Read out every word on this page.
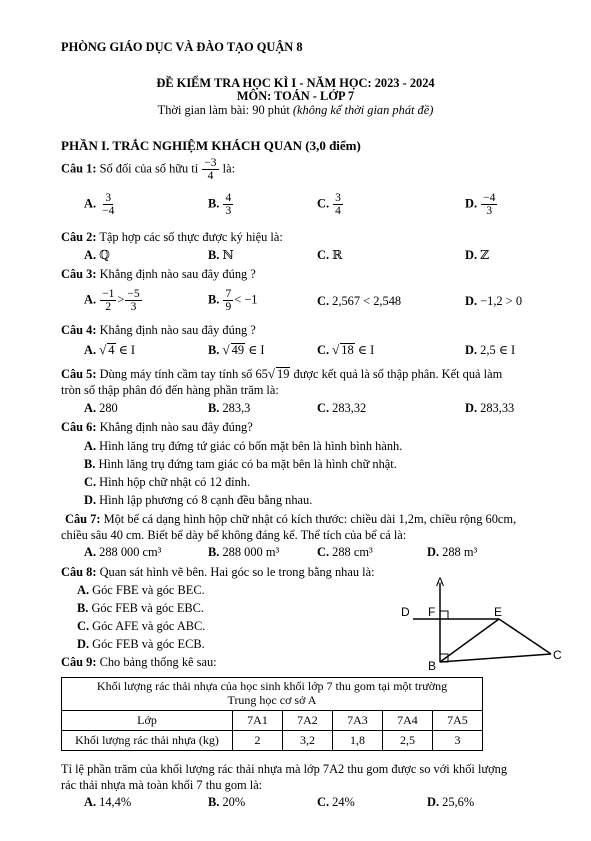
PHÒNG GIÁO DỤC VÀ ĐÀO TẠO QUẬN 8
ĐỀ KIỂM TRA HỌC KÌ I - NĂM HỌC: 2023 - 2024
MÔN: TOÁN - LỚP 7
Thời gian làm bài: 90 phút (không kể thời gian phát đề)
PHẦN I. TRẮC NGHIỆM KHÁCH QUAN (3,0 điểm)
Câu 1: Số đối của số hữu tỉ $\frac{-3}{4}$ là:
A. $\frac{3}{-4}$	B. $\frac{4}{3}$	C. $\frac{3}{4}$	D. $\frac{-4}{3}$
Câu 2: Tập hợp các số thực được ký hiệu là:
A. ℚ	B. ℕ	C. ℝ	D. ℤ
Câu 3: Khẳng định nào sau đây đúng ?
A. $\frac{-1}{2} > \frac{-5}{3}$	B. $\frac{7}{9} < -1$	C. 2,567 < 2,548	D. −1,2 > 0
Câu 4: Khẳng định nào sau đây đúng ?
A. √ 4 ∈ I	B. √ 49 ∈ I	C. √ 18 ∈ I	D. 2,5 ∈ I
Câu 5: Dùng máy tính cầm tay tính số 65√ 19 được kết quả là số thập phân. Kết quả làm
tròn số thập phân đó đến hàng phần trăm là:
A. 280	B. 283,3	C. 283,32	D. 283,33
Câu 6: Khẳng định nào sau đây đúng?
A. Hình lăng trụ đứng tứ giác có bốn mặt bên là hình bình hành.
B. Hình lăng trụ đứng tam giác có ba mặt bên là hình chữ nhật.
C. Hình hộp chữ nhật có 12 đỉnh.
D. Hình lập phương có 8 cạnh đều bằng nhau.
Câu 7: Một bể cá dạng hình hộp chữ nhật có kích thước: chiều dài 1,2m, chiều rộng 60cm,
chiều sâu 40 cm. Biết bể dày bể không đáng kể. Thể tích của bể cá là:
A. 288 000 cm³	B. 288 000 m³	C. 288 cm³	D. 288 m³
Câu 8: Quan sát hình vẽ bên. Hai góc so le trong bằng nhau là:
A. Góc FBE và góc BEC.
B. Góc FEB và góc EBC.
C. Góc AFE và góc ABC.
D. Góc FEB và góc ECB.
A
D F	E
B
C
Câu 9: Cho bảng thống kê sau:
Khối lượng rác thải nhựa của học sinh khối lớp 7 thu gom tại một trường
Trung học cơ sở A					

Lớp	7A1	7A2	7A3	7A4	7A5
Khối lượng rác thải nhựa (kg)	2	3,2	1,8	2,5	3
Tỉ lệ phần trăm của khối lượng rác thải nhựa mà lớp 7A2 thu gom được so với khối lượng
rác thải nhựa mà toàn khối 7 thu gom là:
A. 14,4%	B. 20%	C. 24%	D. 25,6%
